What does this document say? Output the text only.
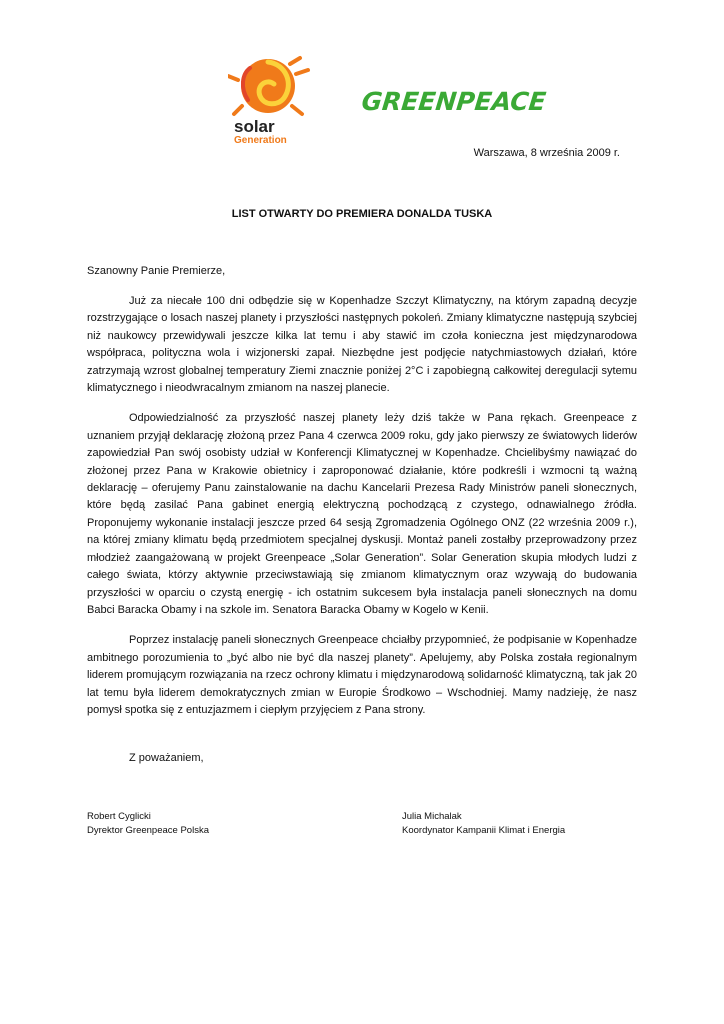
solar
Generation
GREENPEACE
Warszawa, 8 września 2009 r.
LIST OTWARTY DO PREMIERA DONALDA TUSKA
Szanowny Panie Premierze,

Już za niecałe 100 dni odbędzie się w Kopenhadze Szczyt Klimatyczny, na którym zapadną decyzje rozstrzygające o losach naszej planety i przyszłości następnych pokoleń. Zmiany klimatyczne następują szybciej niż naukowcy przewidywali jeszcze kilka lat temu i aby stawić im czoła konieczna jest międzynarodowa współpraca, polityczna wola i wizjonerski zapał. Niezbędne jest podjęcie natychmiastowych działań, które zatrzymają wzrost globalnej temperatury Ziemi znacznie poniżej 2°C i zapobiegną całkowitej deregulacji sytemu klimatycznego i nieodwracalnym zmianom na naszej planecie.

Odpowiedzialność za przyszłość naszej planety leży dziś także w Pana rękach. Greenpeace z uznaniem przyjął deklarację złożoną przez Pana 4 czerwca 2009 roku, gdy jako pierwszy ze światowych liderów zapowiedział Pan swój osobisty udział w Konferencji Klimatycznej w Kopenhadze. Chcielibyśmy nawiązać do złożonej przez Pana w Krakowie obietnicy i zaproponować działanie, które podkreśli i wzmocni tą ważną deklarację – oferujemy Panu zainstalowanie na dachu Kancelarii Prezesa Rady Ministrów paneli słonecznych, które będą zasilać Pana gabinet energią elektryczną pochodzącą z czystego, odnawialnego źródła. Proponujemy wykonanie instalacji jeszcze przed 64 sesją Zgromadzenia Ogólnego ONZ (22 września 2009 r.), na której zmiany klimatu będą przedmiotem specjalnej dyskusji. Montaż paneli zostałby przeprowadzony przez młodzież zaangażowaną w projekt Greenpeace „Solar Generation”. Solar Generation skupia młodych ludzi z całego świata, którzy aktywnie przeciwstawiają się zmianom klimatycznym oraz wzywają do budowania przyszłości w oparciu o czystą energię - ich ostatnim sukcesem była instalacja paneli słonecznych na domu Babci Baracka Obamy i na szkole im. Senatora Baracka Obamy w Kogelo w Kenii.

Poprzez instalację paneli słonecznych Greenpeace chciałby przypomnieć, że podpisanie w Kopenhadze ambitnego porozumienia to „być albo nie być dla naszej planety”. Apelujemy, aby Polska została regionalnym liderem promującym rozwiązania na rzecz ochrony klimatu i międzynarodową solidarność klimatyczną, tak jak 20 lat temu była liderem demokratycznych zmian w Europie Środkowo – Wschodniej. Mamy nadzieję, że nasz pomysł spotka się z entuzjazmem i ciepłym przyjęciem z Pana strony.

Z poważaniem,
Robert Cyglicki
Dyrektor Greenpeace Polska
Julia Michalak
Koordynator Kampanii Klimat i Energia
